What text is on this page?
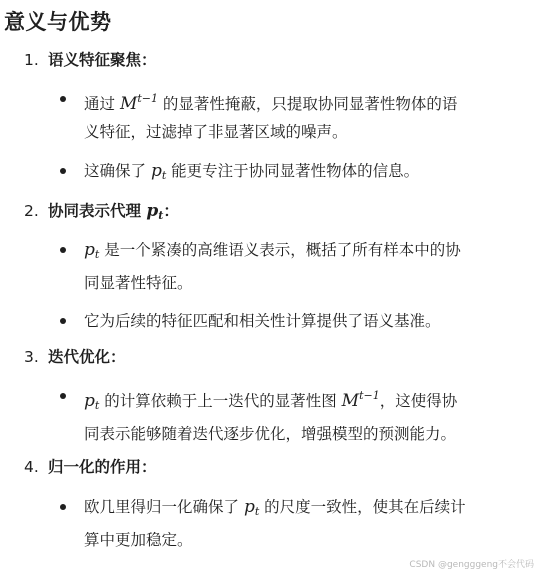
意义与优势
1. 语义特征聚焦：
通过 $M^{t-1}$ 的显著性掩蔽，只提取协同显著性物体的语
义特征，过滤掉了非显著区域的噪声。
这确保了 $p_t$ 能更专注于协同显著性物体的信息。
2. 协同表示代理 $p_t$：
$p_t$ 是一个紧凑的高维语义表示，概括了所有样本中的协
同显著性特征。
它为后续的特征匹配和相关性计算提供了语义基准。
3. 迭代优化：
$p_t$ 的计算依赖于上一迭代的显著性图 $M^{t-1}$，这使得协
同表示能够随着迭代逐步优化，增强模型的预测能力。
4. 归一化的作用：
欧几里得归一化确保了 $p_t$ 的尺度一致性，使其在后续计
算中更加稳定。
CSDN @gengggeng不会代码
